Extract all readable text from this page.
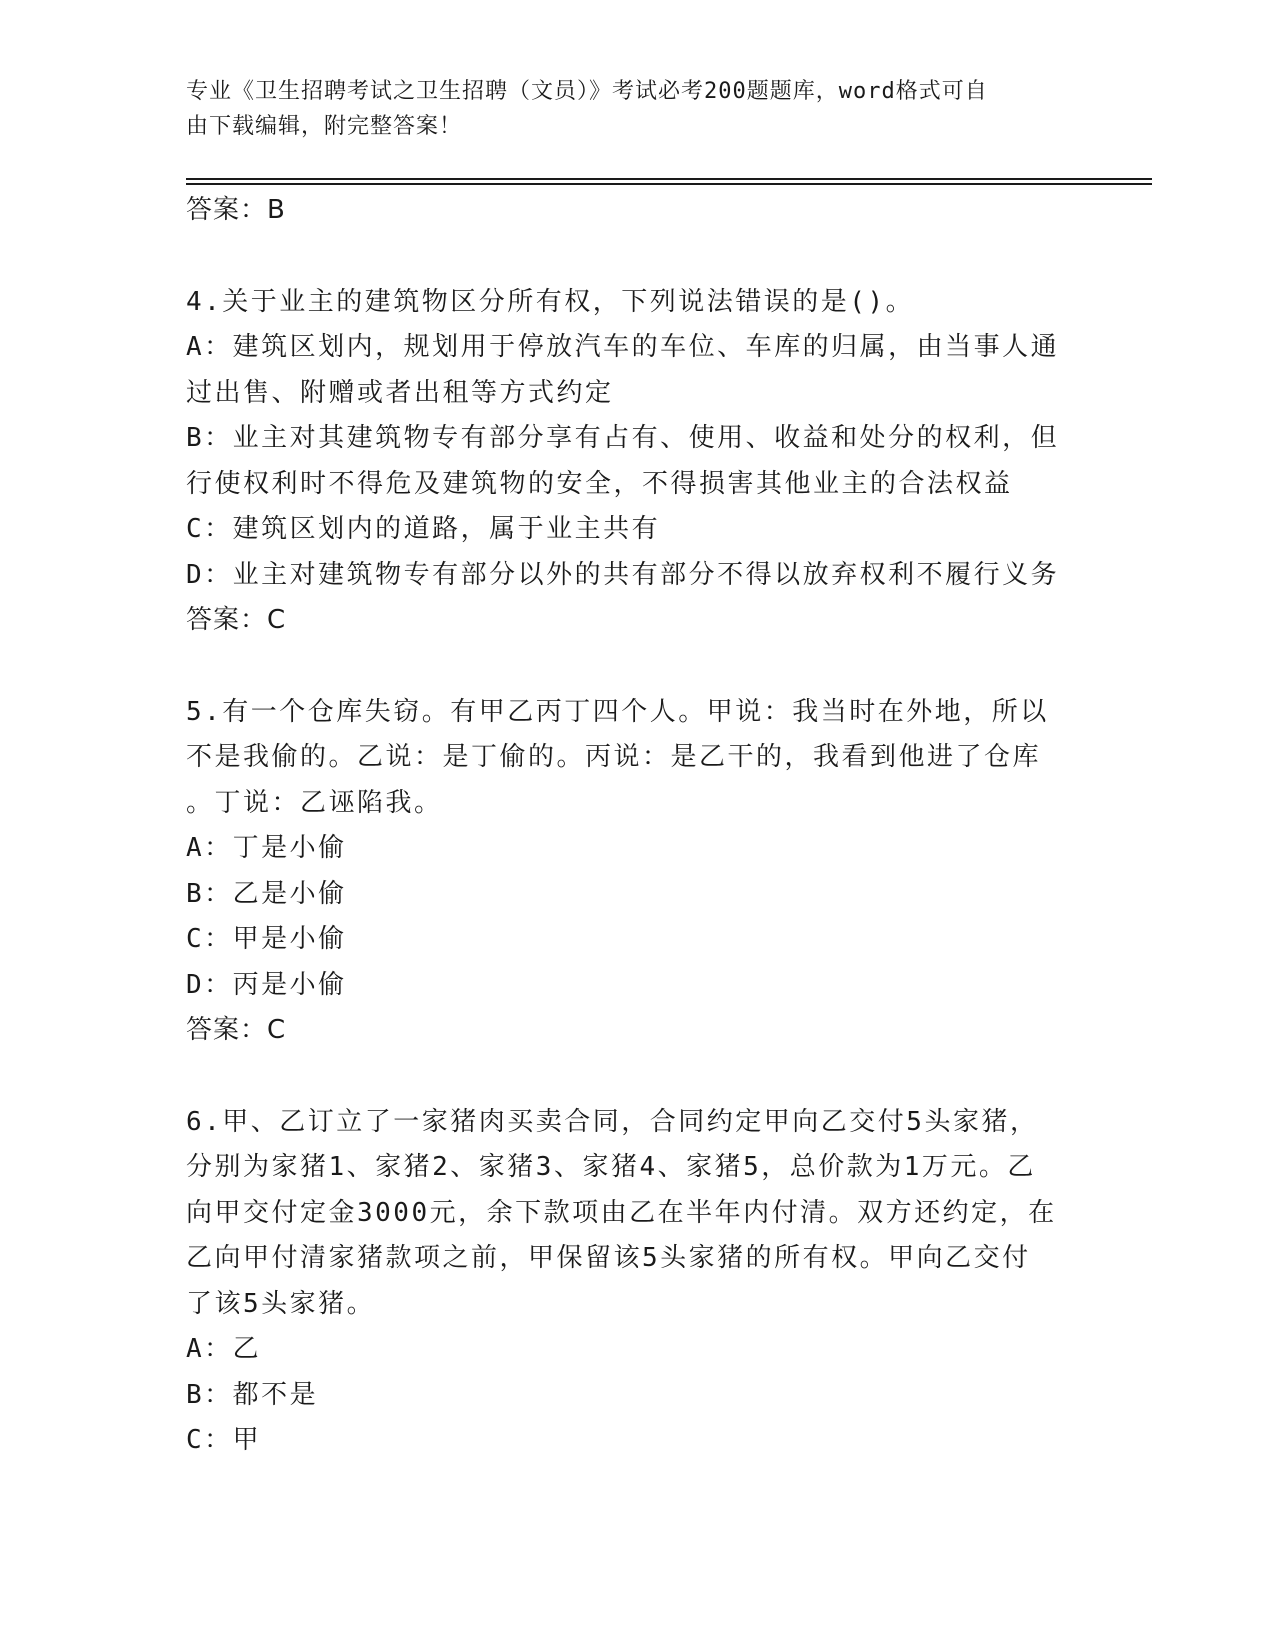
专业《卫生招聘考试之卫生招聘（文员）》考试必考200题题库，word格式可自
由下载编辑，附完整答案！
答案：B
4.关于业主的建筑物区分所有权，下列说法错误的是()。
A：建筑区划内，规划用于停放汽车的车位、车库的归属，由当事人通
过出售、附赠或者出租等方式约定
B：业主对其建筑物专有部分享有占有、使用、收益和处分的权利，但
行使权利时不得危及建筑物的安全，不得损害其他业主的合法权益
C：建筑区划内的道路，属于业主共有
D：业主对建筑物专有部分以外的共有部分不得以放弃权利不履行义务
答案：C
5.有一个仓库失窃。有甲乙丙丁四个人。甲说：我当时在外地，所以
不是我偷的。乙说：是丁偷的。丙说：是乙干的，我看到他进了仓库
。丁说：乙诬陷我。
A：丁是小偷
B：乙是小偷
C：甲是小偷
D：丙是小偷
答案：C
6.甲、乙订立了一家猪肉买卖合同，合同约定甲向乙交付5头家猪，
分别为家猪1、家猪2、家猪3、家猪4、家猪5，总价款为1万元。乙
向甲交付定金3000元，余下款项由乙在半年内付清。双方还约定，在
乙向甲付清家猪款项之前，甲保留该5头家猪的所有权。甲向乙交付
了该5头家猪。
A：乙
B：都不是
C：甲
